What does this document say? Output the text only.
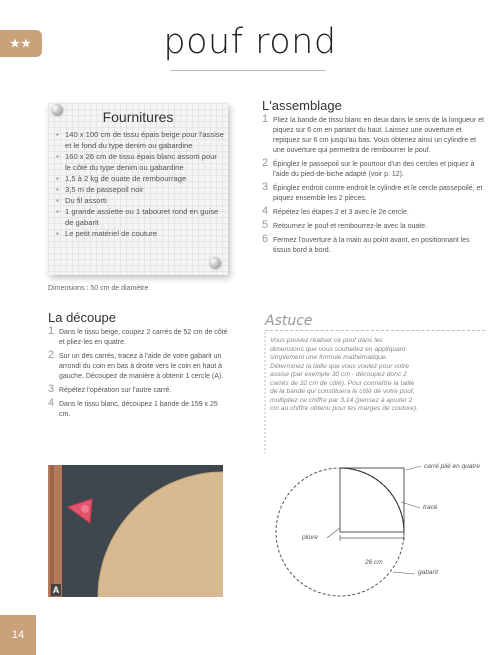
★★	pouf rond
Fournitures
▪ 140 x 100 cm de tissu épais beige pour l'assise et le fond du type denim ou gabardine
▪ 160 x 26 cm de tissu épais blanc assorti pour le côté du type denim ou gabardine
▪ 1,5 à 2 kg de ouate de rembourrage
▪ 3,5 m de passepoil noir
▪ Du fil assorti
▪ 1 grande assiette ou 1 tabouret rond en guise de gabarit
▪ Le petit matériel de couture
Dimensions : 50 cm de diamètre
La découpe
1 Dans le tissu beige, coupez 2 carrés de 52 cm de côté et pliez-les en quatre.
2 Sur un des carrés, tracez à l'aide de votre gabarit un arrondi du coin en bas à droite vers le coin en haut à gauche. Découpez de manière à obtenir 1 cercle (A).
3 Répétez l'opération sur l'autre carré.
4 Dans le tissu blanc, découpez 1 bande de 159 x 25 cm.
L'assemblage
1 Pliez la bande de tissu blanc en deux dans le sens de la longueur et piquez sur 6 cm en partant du haut. Laissez une ouverture et repiquez sur 6 cm jusqu'au bas. Vous obtenez ainsi un cylindre et une ouverture qui permettra de rembourrer le pouf.
2 Épinglez le passepoil sur le pourtour d'un des cercles et piquez à l'aide du pied-de-biche adapté (voir p. 12).
3 Épinglez endroit contre endroit le cylindre et le cercle passepoilé, et piquez ensemble les 2 pièces.
4 Répétez les étapes 2 et 3 avec le 2e cercle.
5 Retournez le pouf et rembourrez-le avec la ouate.
6 Fermez l'ouverture à la main au point avant, en positionnant les tissus bord à bord.
Astuce
Vous pouvez réaliser ce pouf dans les dimensions que vous souhaitez en appliquant simplement une formule mathématique. Déterminez la taille que vous voulez pour votre assise (par exemple 30 cm - découpez donc 2 carrés de 32 cm de côté). Pour connaître la taille de la bande qui constituera le côté de votre pouf, multipliez ce chiffre par 3,14 (pensez à ajouter 2 cm au chiffre obtenu pour les marges de couture).
A
carré plié en quatre
tracé
pliure
26 cm
gabarit
14
